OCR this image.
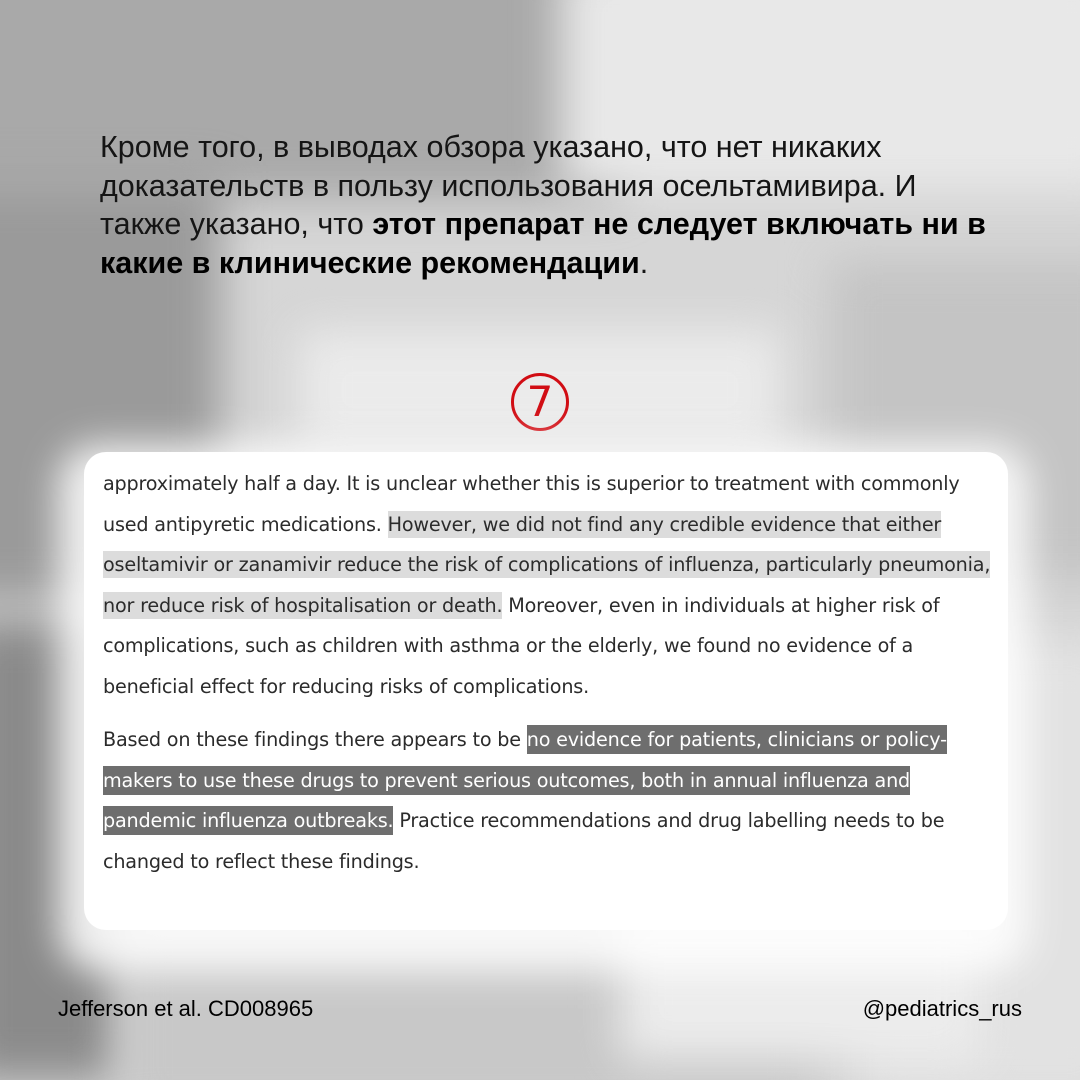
Кроме того, в выводах обзора указано, что нет никаких доказательств в пользу использования осельтамивира. И также указано, что этот препарат не следует включать ни в какие в клинические рекомендации.
7

approximately half a day. It is unclear whether this is superior to treatment with commonly used antipyretic medications. However, we did not find any credible evidence that either oseltamivir or zanamivir reduce the risk of complications of influenza, particularly pneumonia, nor reduce risk of hospitalisation or death. Moreover, even in individuals at higher risk of complications, such as children with asthma or the elderly, we found no evidence of a beneficial effect for reducing risks of complications.

Based on these findings there appears to be no evidence for patients, clinicians or policy-makers to use these drugs to prevent serious outcomes, both in annual influenza and pandemic influenza outbreaks. Practice recommendations and drug labelling needs to be changed to reflect these findings.

Jefferson et al. CD008965	@pediatrics_rus
